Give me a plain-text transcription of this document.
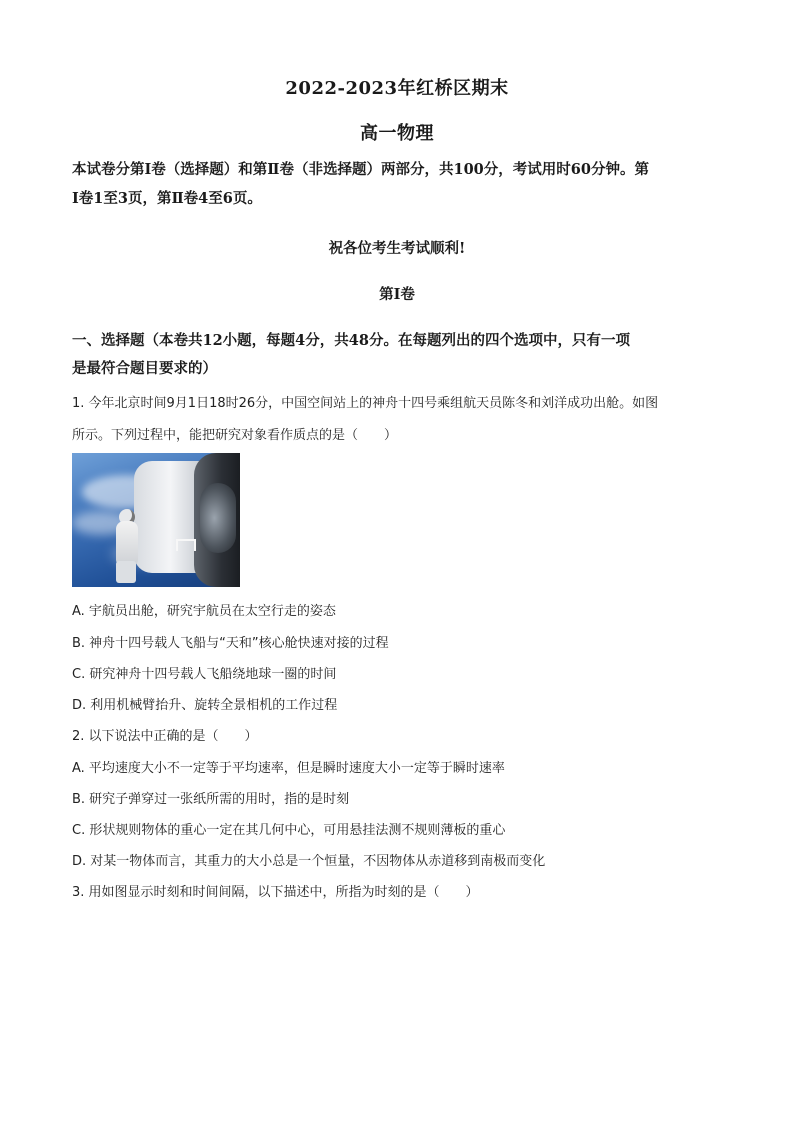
2022-2023年红桥区期末
高一物理
本试卷分第Ⅰ卷（选择题）和第Ⅱ卷（非选择题）两部分，共100分，考试用时60分钟。第
Ⅰ卷1至3页，第Ⅱ卷4至6页。
祝各位考生考试顺利!
第Ⅰ卷
一、选择题（本卷共12小题，每题4分，共48分。在每题列出的四个选项中，只有一项
是最符合题目要求的）
1. 今年北京时间9月1日18时26分，中国空间站上的神舟十四号乘组航天员陈冬和刘洋成功出舱。如图
所示。下列过程中，能把研究对象看作质点的是（　　）
A. 宇航员出舱，研究宇航员在太空行走的姿态
B. 神舟十四号载人飞船与“天和”核心舱快速对接的过程
C. 研究神舟十四号载人飞船绕地球一圈的时间
D. 利用机械臂抬升、旋转全景相机的工作过程
2. 以下说法中正确的是（　　）
A. 平均速度大小不一定等于平均速率，但是瞬时速度大小一定等于瞬时速率
B. 研究子弹穿过一张纸所需的用时，指的是时刻
C. 形状规则物体的重心一定在其几何中心，可用悬挂法测不规则薄板的重心
D. 对某一物体而言，其重力的大小总是一个恒量，不因物体从赤道移到南极而变化
3. 用如图显示时刻和时间间隔，以下描述中，所指为时刻的是（　　）
